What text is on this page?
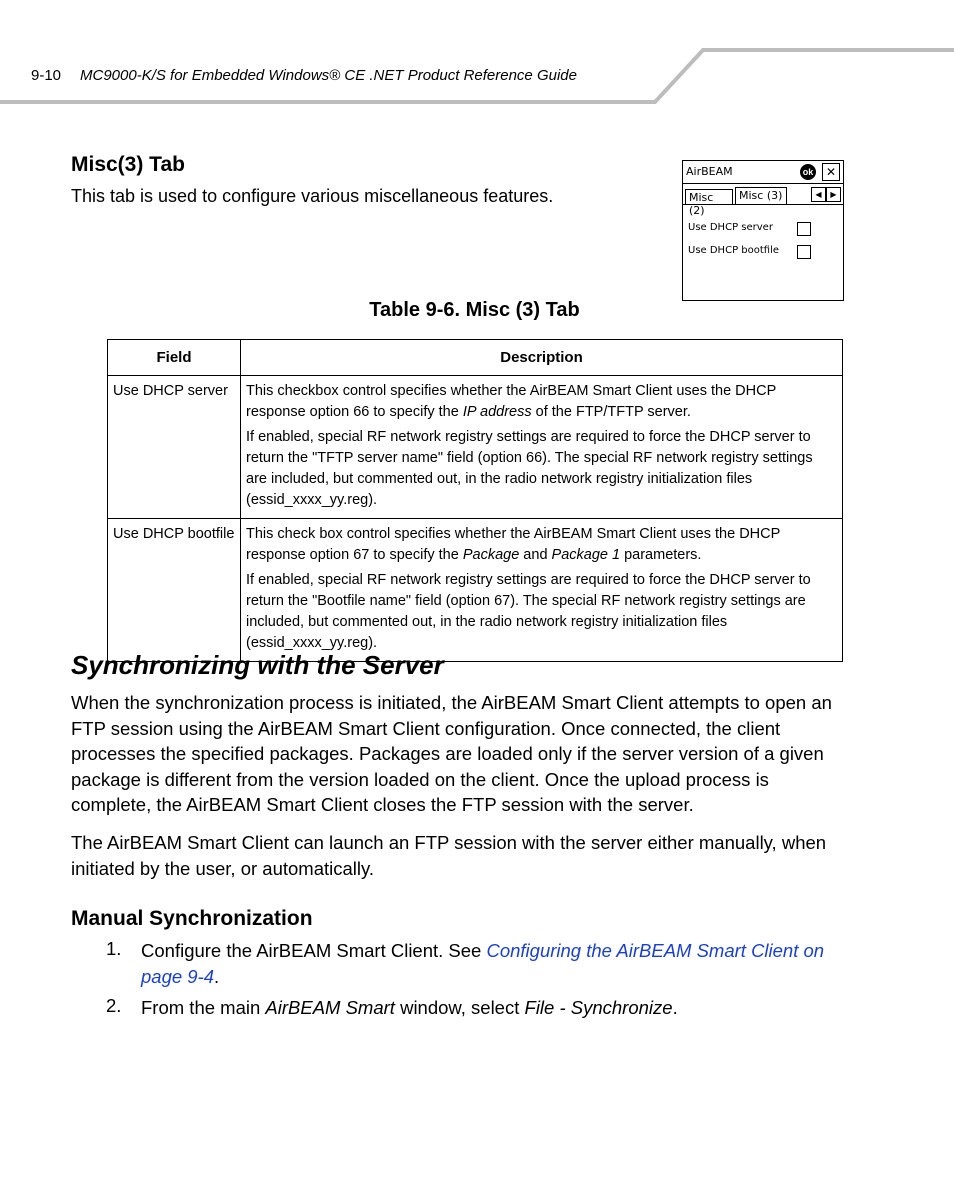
9-10 MC9000-K/S for Embedded Windows® CE .NET Product Reference Guide
Misc(3) Tab
This tab is used to configure various miscellaneous features.
AirBEAM	ok	✕
Misc (2)
Misc (3)	◀	▶
Use DHCP server
Use DHCP bootfile
Table 9-6. Misc (3) Tab
Field	Description
Use DHCP server	This checkbox control specifies whether the AirBEAM Smart Client uses the DHCP response option 66 to specify the IP address of the FTP/TFTP server.

If enabled, special RF network registry settings are required to force the DHCP server to return the "TFTP server name" field (option 66). The special RF network registry settings are included, but commented out, in the radio network registry initialization files (essid_xxxx_yy.reg).

Use DHCP bootfile	This check box control specifies whether the AirBEAM Smart Client uses the DHCP response option 67 to specify the Package and Package 1 parameters.

If enabled, special RF network registry settings are required to force the DHCP server to return the "Bootfile name" field (option 67). The special RF network registry settings are included, but commented out, in the radio network registry initialization files (essid_xxxx_yy.reg).

Synchronizing with the Server

When the synchronization process is initiated, the AirBEAM Smart Client attempts to open an FTP session using the AirBEAM Smart Client configuration. Once connected, the client processes the specified packages. Packages are loaded only if the server version of a given package is different from the version loaded on the client. Once the upload process is complete, the AirBEAM Smart Client closes the FTP session with the server.

The AirBEAM Smart Client can launch an FTP session with the server either manually, when initiated by the user, or automatically.

Manual Synchronization
1. Configure the AirBEAM Smart Client. See Configuring the AirBEAM Smart Client on page 9-4.

2. From the main AirBEAM Smart window, select File - Synchronize.
